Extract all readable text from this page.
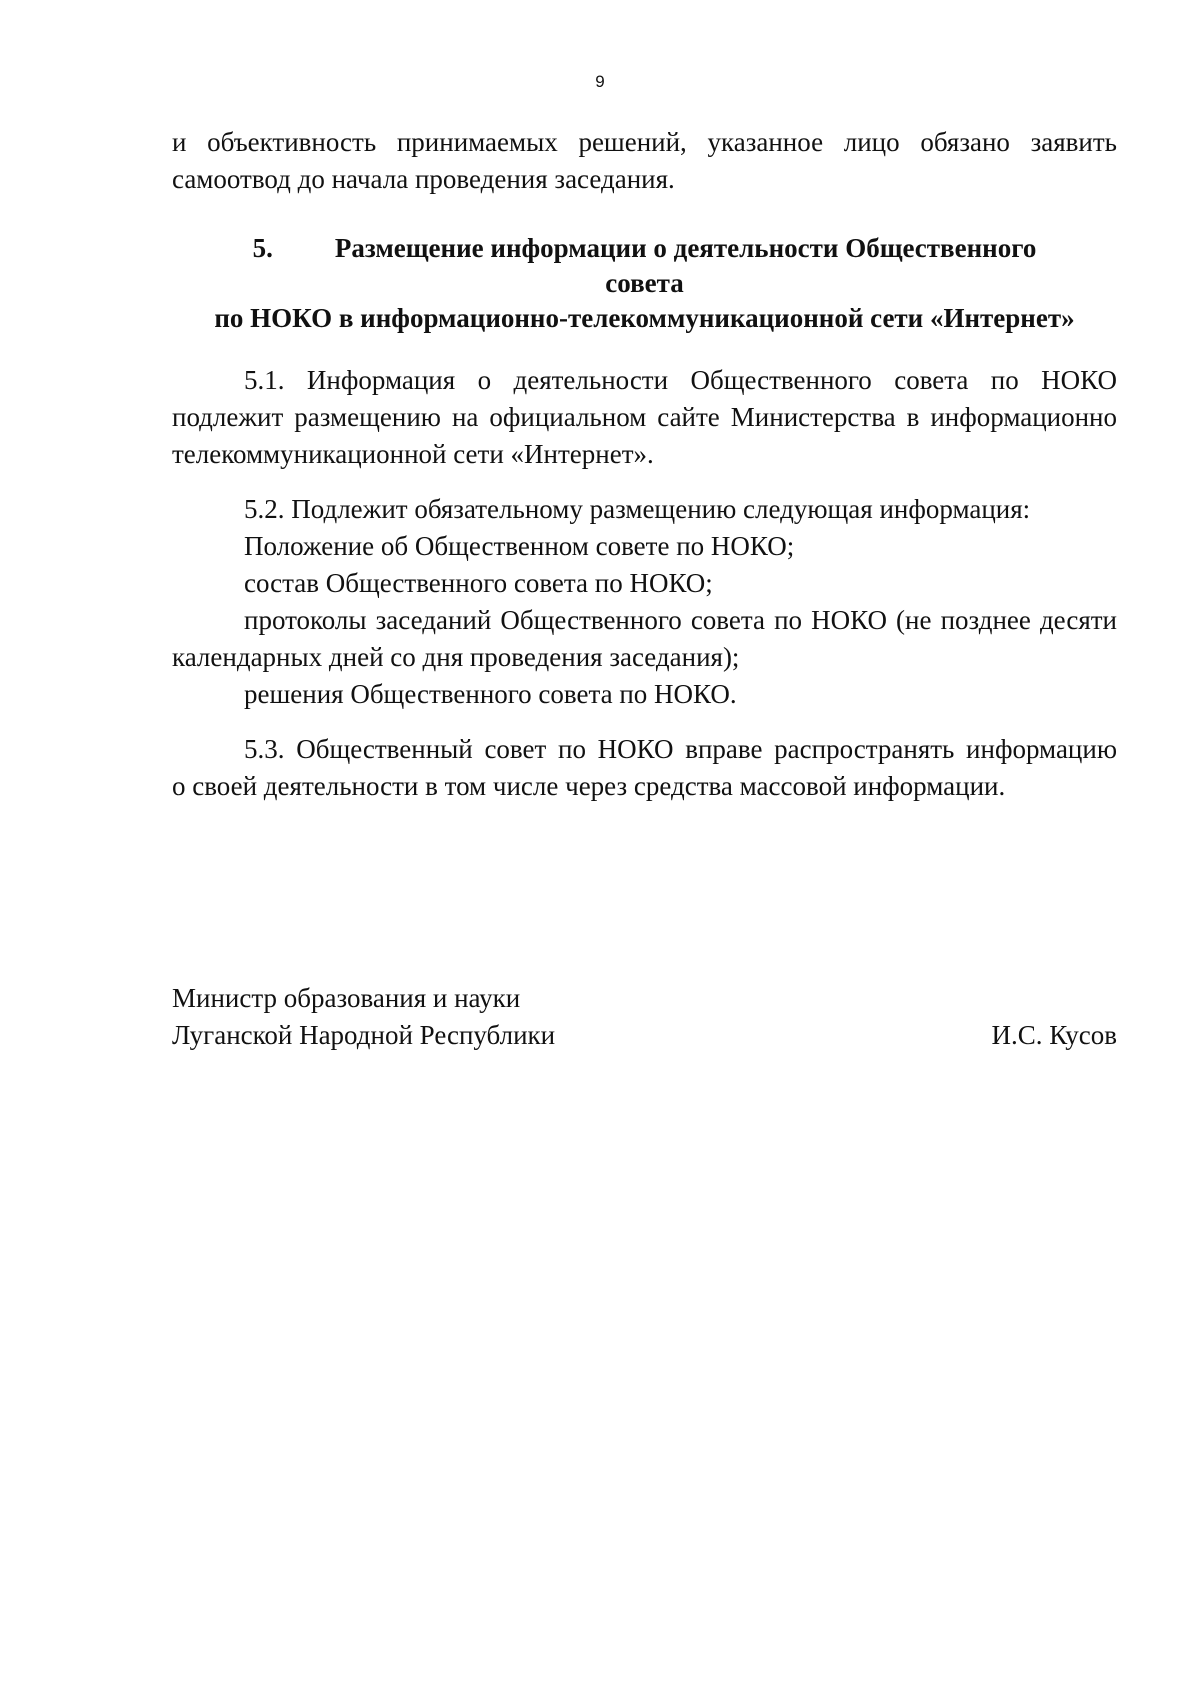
9

и объективность принимаемых решений, указанное лицо обязано заявить самоотвод до начала проведения заседания.

5. Размещение информации о деятельности Общественного
совета
по НОКО в информационно-телекоммуникационной сети «Интернет»

5.1. Информация о деятельности Общественного совета по НОКО подлежит размещению на официальном сайте Министерства в информационно телекоммуникационной сети «Интернет».

5.2. Подлежит обязательному размещению следующая информация:

Положение об Общественном совете по НОКО;

состав Общественного совета по НОКО;

протоколы заседаний Общественного совета по НОКО (не позднее десяти календарных дней со дня проведения заседания);

решения Общественного совета по НОКО.

5.3. Общественный совет по НОКО вправе распространять информацию

о своей деятельности в том числе через средства массовой информации.

Министр образования и науки
Луганской Народной Республики	И.С. Кусов
